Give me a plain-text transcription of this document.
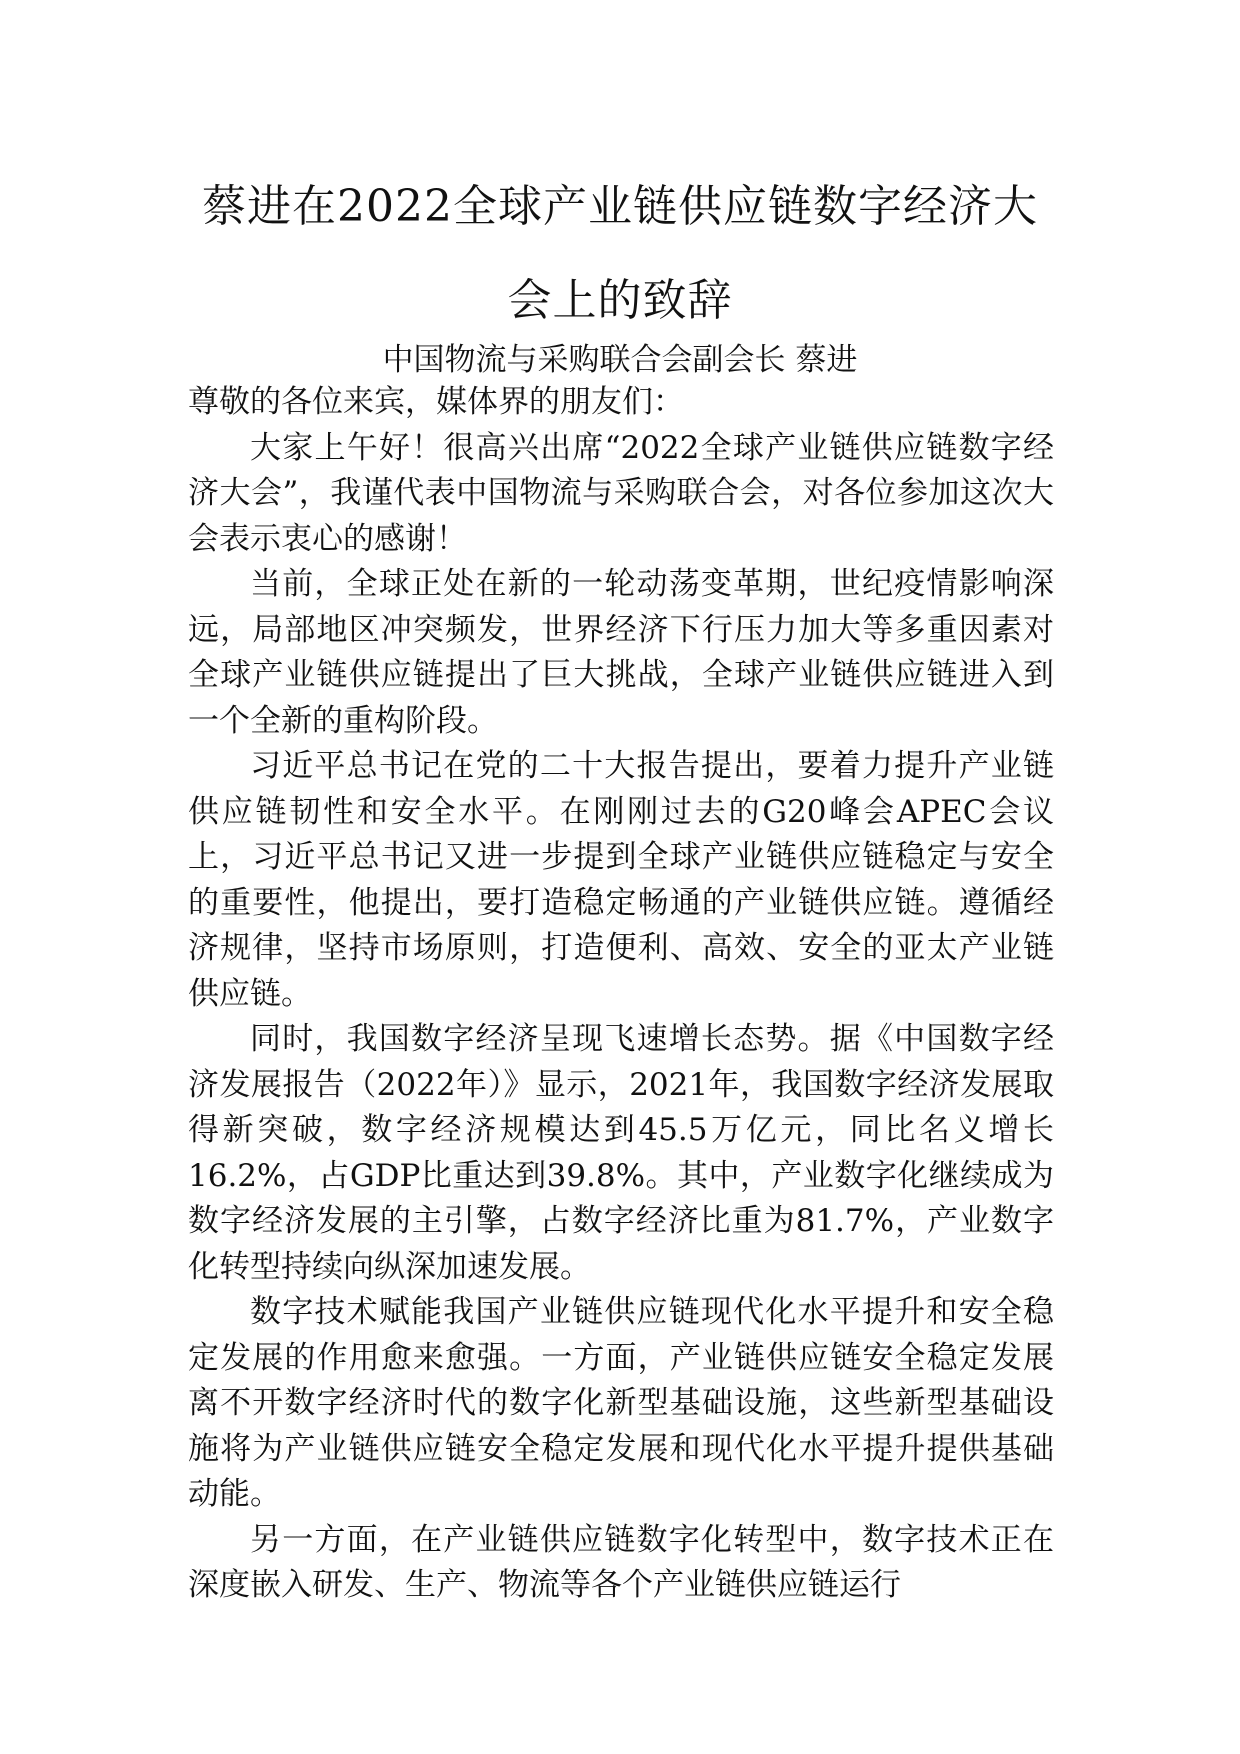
蔡进在2022全球产业链供应链数字经济大
会上的致辞

中国物流与采购联合会副会长 蔡进

尊敬的各位来宾，媒体界的朋友们：

大家上午好！很高兴出席“2022全球产业链供应链数字经济大会”，我谨代表中国物流与采购联合会，对各位参加这次大会表示衷心的感谢！

当前，全球正处在新的一轮动荡变革期，世纪疫情影响深远，局部地区冲突频发，世界经济下行压力加大等多重因素对全球产业链供应链提出了巨大挑战，全球产业链供应链进入到一个全新的重构阶段。

习近平总书记在党的二十大报告提出，要着力提升产业链供应链韧性和安全水平。在刚刚过去的G20峰会APEC会议上，习近平总书记又进一步提到全球产业链供应链稳定与安全的重要性，他提出，要打造稳定畅通的产业链供应链。遵循经济规律，坚持市场原则，打造便利、高效、安全的亚太产业链供应链。

同时，我国数字经济呈现飞速增长态势。据《中国数字经济发展报告（2022年）》显示，2021年，我国数字经济发展取得新突破，数字经济规模达到45.5万亿元，同比名义增长16.2%，占GDP比重达到39.8%。其中，产业数字化继续成为数字经济发展的主引擎，占数字经济比重为81.7%，产业数字化转型持续向纵深加速发展。

数字技术赋能我国产业链供应链现代化水平提升和安全稳定发展的作用愈来愈强。一方面，产业链供应链安全稳定发展离不开数字经济时代的数字化新型基础设施，这些新型基础设施将为产业链供应链安全稳定发展和现代化水平提升提供基础动能。

另一方面，在产业链供应链数字化转型中，数字技术正在深度嵌入研发、生产、物流等各个产业链供应链运行
